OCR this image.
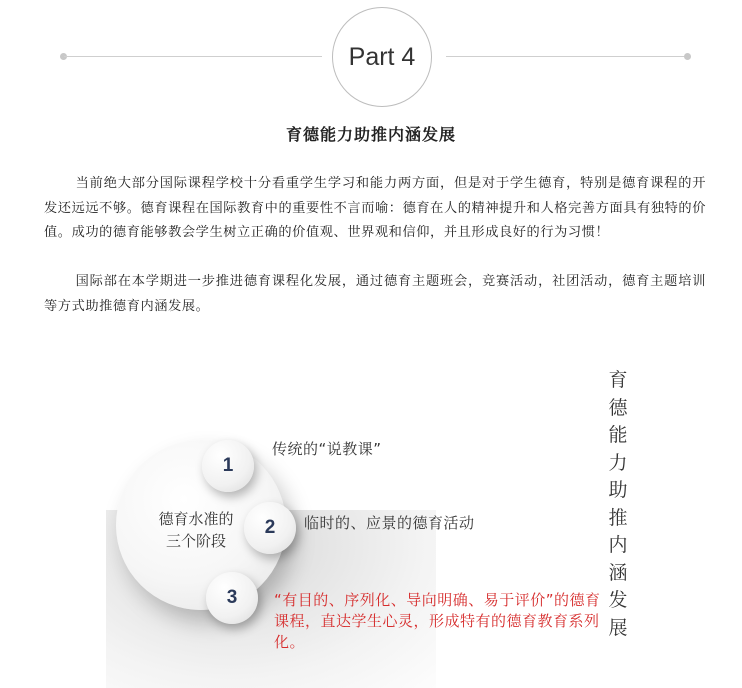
Part 4
育德能力助推内涵发展

当前绝大部分国际课程学校十分看重学生学习和能力两方面，但是对于学生德育，特别是德育课程的开发还远远不够。德育课程在国际教育中的重要性不言而喻：德育在人的精神提升和人格完善方面具有独特的价值。成功的德育能够教会学生树立正确的价值观、世界观和信仰，并且形成良好的行为习惯！

国际部在本学期进一步推进德育课程化发展，通过德育主题班会，竞赛活动，社团活动，德育主题培训等方式助推德育内涵发展。

德育水准的
三个阶段
1
传统的“说教课”
2	临时的、应景的德育活动
3	“有目的、序列化、导向明确、易于评价”的德育课程，直达学生心灵，形成特有的德育教育系列化。
育德能力助推内涵发展
